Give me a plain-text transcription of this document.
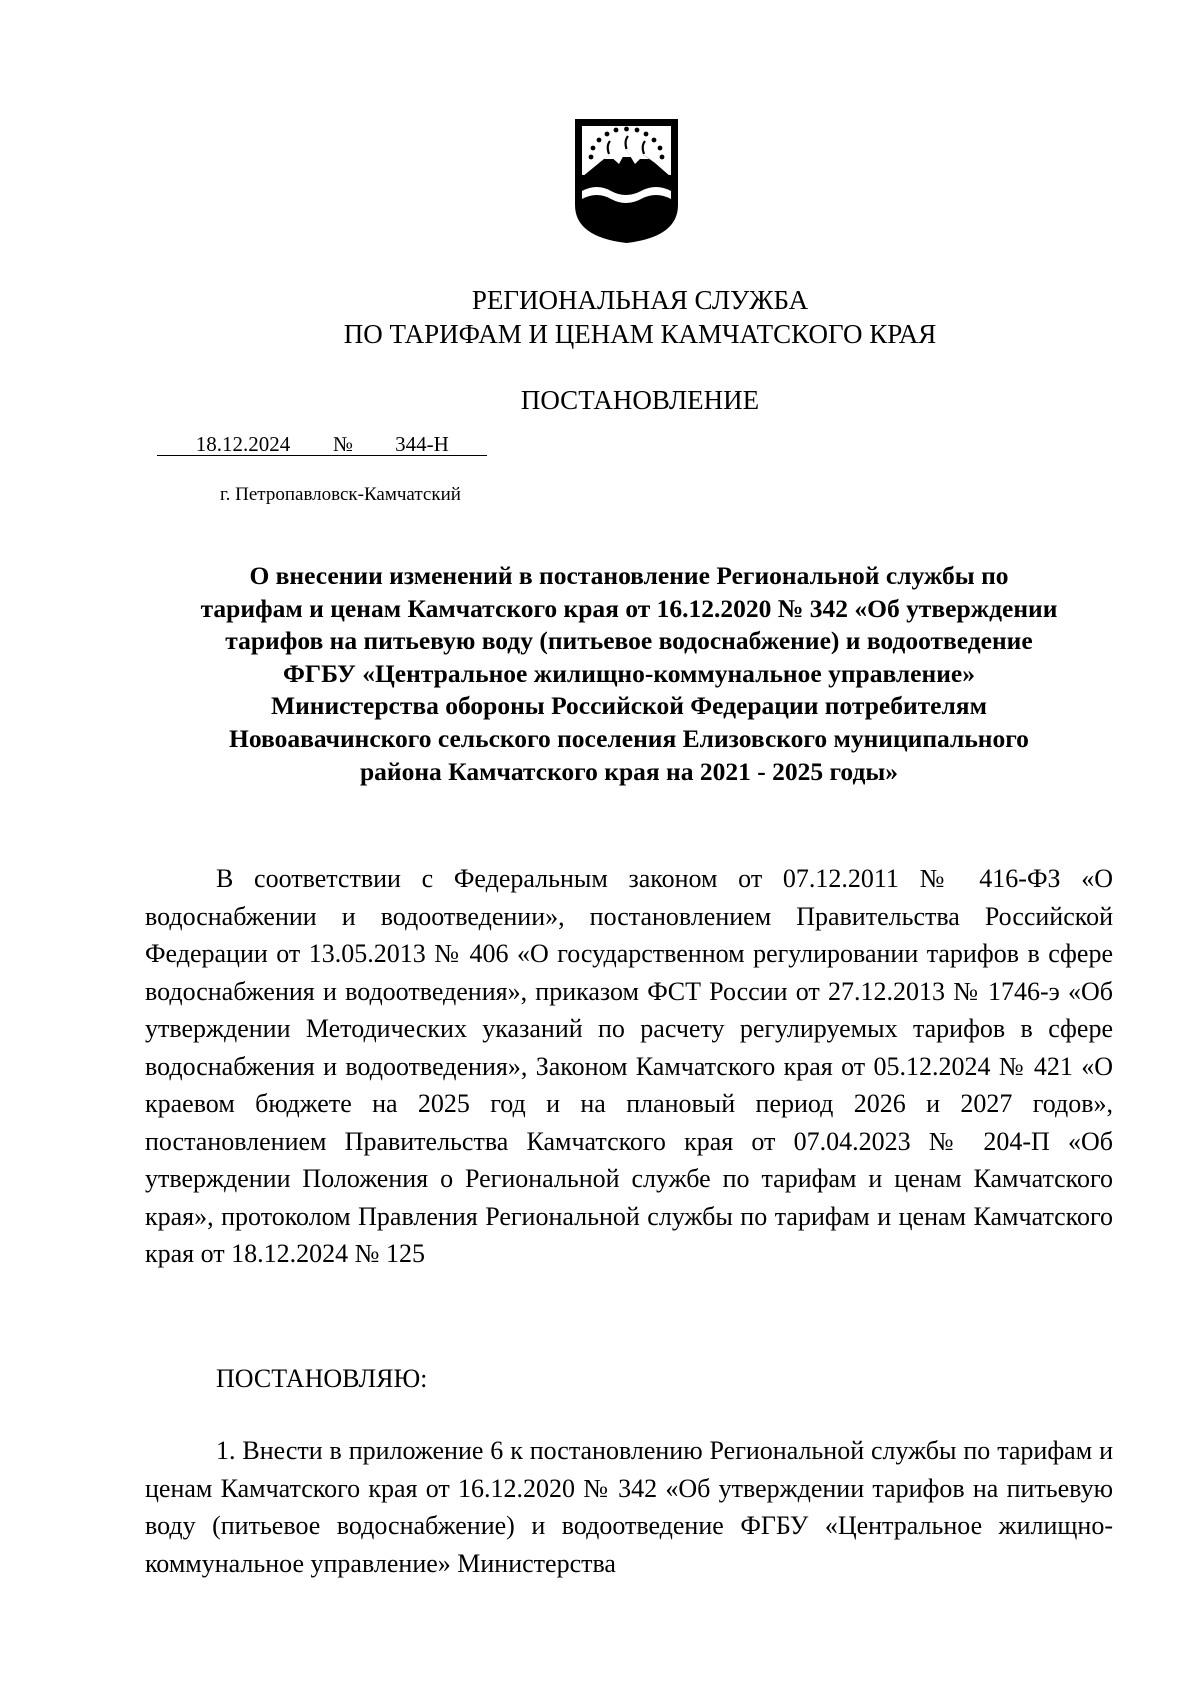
РЕГИОНАЛЬНАЯ СЛУЖБА
ПО ТАРИФАМ И ЦЕНАМ КАМЧАТСКОГО КРАЯ
ПОСТАНОВЛЕНИЕ
18.12.2024 № 344-Н
г. Петропавловск-Камчатский
О внесении изменений в постановление Региональной службы по
тарифам и ценам Камчатского края от 16.12.2020 № 342 «Об утверждении
тарифов на питьевую воду (питьевое водоснабжение) и водоотведение
ФГБУ «Центральное жилищно-коммунальное управление»
Министерства обороны Российской Федерации потребителям
Новоавачинского сельского поселения Елизовского муниципального
района Камчатского края на 2021 - 2025 годы»
В соответствии с Федеральным законом от 07.12.2011 № 416-ФЗ «О водоснабжении и водоотведении», постановлением Правительства Российской Федерации от 13.05.2013 № 406 «О государственном регулировании тарифов в сфере водоснабжения и водоотведения», приказом ФСТ России от 27.12.2013 № 1746-э «Об утверждении Методических указаний по расчету регулируемых тарифов в сфере водоснабжения и водоотведения», Законом Камчатского края от 05.12.2024 № 421 «О краевом бюджете на 2025 год и на плановый период 2026 и 2027 годов», постановлением Правительства Камчатского края от 07.04.2023 № 204-П «Об утверждении Положения о Региональной службе по тарифам и ценам Камчатского края», протоколом Правления Региональной службы по тарифам и ценам Камчатского края от 18.12.2024 № 125
ПОСТАНОВЛЯЮ:
1. Внести в приложение 6 к постановлению Региональной службы по тарифам и ценам Камчатского края от 16.12.2020 № 342 «Об утверждении тарифов на питьевую воду (питьевое водоснабжение) и водоотведение ФГБУ «Центральное жилищно-коммунальное управление» Министерства
